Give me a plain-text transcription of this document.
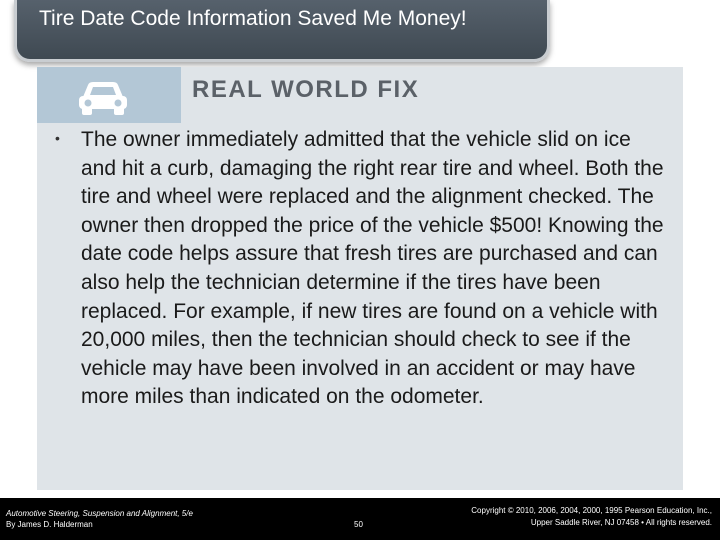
Tire Date Code Information Saved Me Money!
REAL WORLD FIX
• The owner immediately admitted that the vehicle slid on ice and hit a curb, damaging the right rear tire and wheel. Both the tire and wheel were replaced and the alignment checked. The owner then dropped the price of the vehicle $500! Knowing the date code helps assure that fresh tires are purchased and can also help the technician determine if the tires have been replaced. For example, if new tires are found on a vehicle with 20,000 miles, then the technician should check to see if the vehicle may have been involved in an accident or may have more miles than indicated on the odometer.

Automotive Steering, Suspension and Alignment, 5/e
By James D. Halderman	50
Copyright © 2010, 2006, 2004, 2000, 1995 Pearson Education, Inc.,
Upper Saddle River, NJ 07458 • All rights reserved.
